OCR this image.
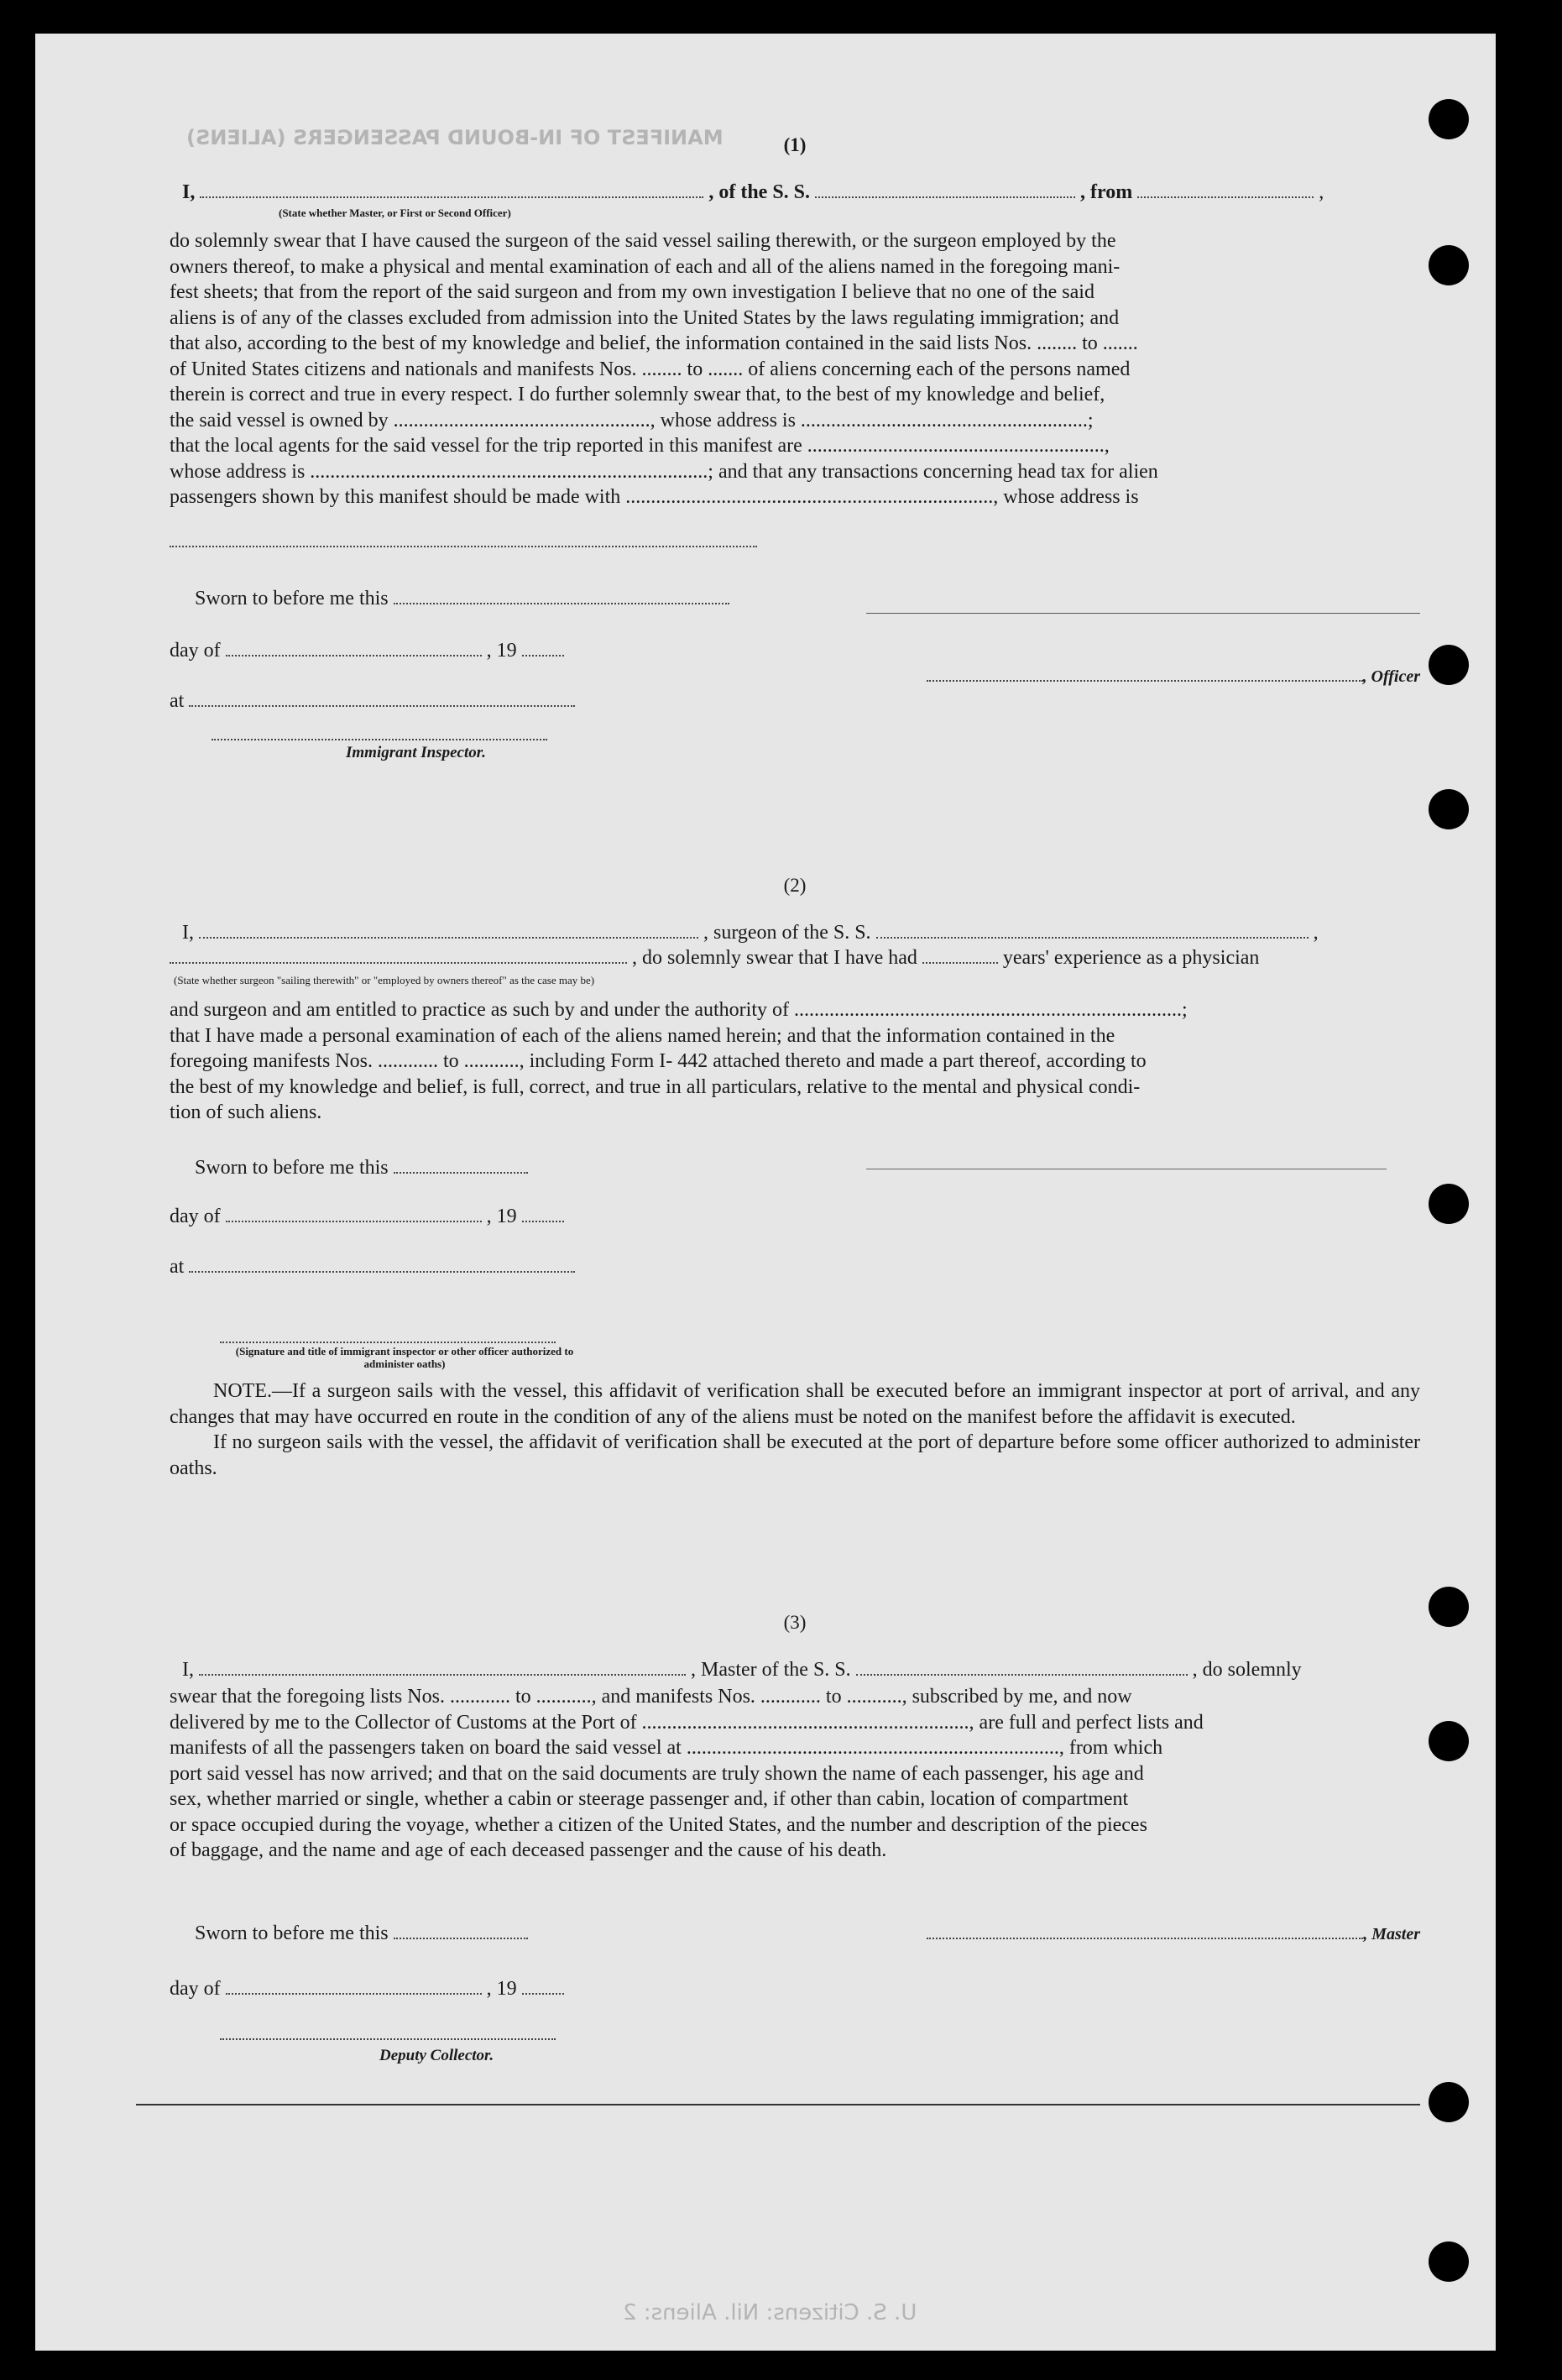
MANIFEST OF IN-BOUND PASSENGERS (ALIENS)	(1)
I,	, of the S. S.	, from	,
(State whether Master, or First or Second Officer)

do solemnly swear that I have caused the surgeon of the said vessel sailing therewith, or the surgeon employed by the

owners thereof, to make a physical and mental examination of each and all of the aliens named in the foregoing mani-

fest sheets; that from the report of the said surgeon and from my own investigation I believe that no one of the said

aliens is of any of the classes excluded from admission into the United States by the laws regulating immigration; and

that also, according to the best of my knowledge and belief, the information contained in the said lists Nos. ........ to .......

of United States citizens and nationals and manifests Nos. ........ to ....... of aliens concerning each of the persons named

therein is correct and true in every respect. I do further solemnly swear that, to the best of my knowledge and belief,

the said vessel is owned by ..................................................., whose address is .........................................................;

that the local agents for the said vessel for the trip reported in this manifest are ...........................................................,

whose address is ...............................................................................; and that any transactions concerning head tax for alien

passengers shown by this manifest should be made with ........................................................................., whose address is

Sworn to before me this
day of	, 19
, Officer
at
Immigrant Inspector.
(2)
I,	, surgeon of the S. S.	,
, do solemnly swear that I have had	years' experience as a physician
(State whether surgeon "sailing therewith" or "employed by owners thereof" as the case may be)

and surgeon and am entitled to practice as such by and under the authority of .............................................................................;

that I have made a personal examination of each of the aliens named herein; and that the information contained in the

foregoing manifests Nos. ............ to ..........., including Form I- 442 attached thereto and made a part thereof, according to

the best of my knowledge and belief, is full, correct, and true in all particulars, relative to the mental and physical condi-

tion of such aliens.

Sworn to before me this
day of	, 19
at
(Signature and title of immigrant inspector or other officer authorized to administer oaths)

NOTE.—If a surgeon sails with the vessel, this affidavit of verification shall be executed before an immigrant inspector at port of arrival, and any changes that may have occurred en route in the condition of any of the aliens must be noted on the manifest before the affidavit is executed.

If no surgeon sails with the vessel, the affidavit of verification shall be executed at the port of departure before some officer authorized to administer oaths.

(3)
I,	, Master of the S. S.	, do solemnly

swear that the foregoing lists Nos. ............ to ..........., and manifests Nos. ............ to ..........., subscribed by me, and now

delivered by me to the Collector of Customs at the Port of ................................................................., are full and perfect lists and

manifests of all the passengers taken on board the said vessel at .........................................................................., from which

port said vessel has now arrived; and that on the said documents are truly shown the name of each passenger, his age and

sex, whether married or single, whether a cabin or steerage passenger and, if other than cabin, location of compartment

or space occupied during the voyage, whether a citizen of the United States, and the number and description of the pieces

of baggage, and the name and age of each deceased passenger and the cause of his death.

Sworn to before me this	, Master
day of	, 19
Deputy Collector.
U. S. Citizens: Nil. Aliens: 2
